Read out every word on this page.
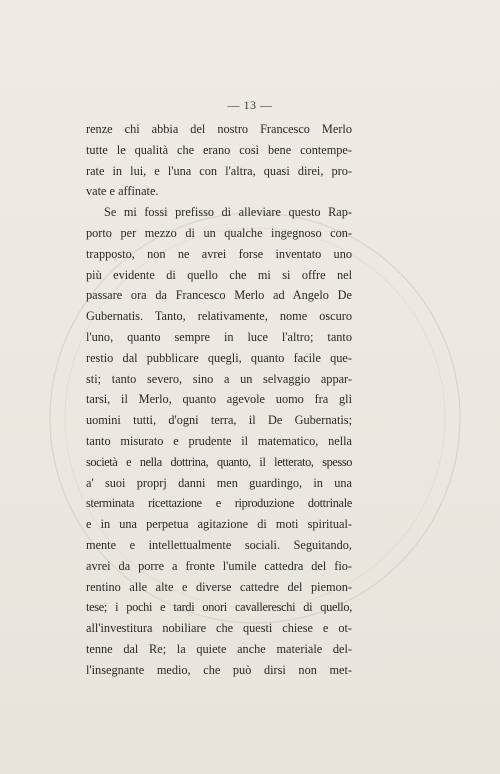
— 13 —
renze chi abbia del nostro Francesco Merlo
tutte le qualità che erano così bene contempe-
rate in lui, e l'una con l'altra, quasi direi, pro-
vate e affinate.
Se mi fossi prefisso di alleviare questo Rap-
porto per mezzo di un qualche ingegnoso con-
trapposto, non ne avrei forse inventato uno
più evidente di quello che mi si offre nel
passare ora da Francesco Merlo ad Angelo De
Gubernatis. Tanto, relativamente, nome oscuro
l'uno, quanto sempre in luce l'altro; tanto
restio dal pubblicare quegli, quanto facile que-
sti; tanto severo, sino a un selvaggio appar-
tarsi, il Merlo, quanto agevole uomo fra gli
uomini tutti, d'ogni terra, il De Gubernatis;
tanto misurato e prudente il matematico, nella
società e nella dottrina, quanto, il letterato, spesso
a' suoi proprj danni men guardingo, in una
sterminata ricettazione e riproduzione dottrinale
e in una perpetua agitazione di moti spiritual-
mente e intellettualmente sociali. Seguitando,
avrei da porre a fronte l'umile cattedra del fio-
rentino alle alte e diverse cattedre del piemon-
tese; i pochi e tardi onori cavallereschi di quello,
all'investitura nobiliare che questi chiese e ot-
tenne dal Re; la quiete anche materiale del-
l'insegnante medio, che può dirsi non met-
